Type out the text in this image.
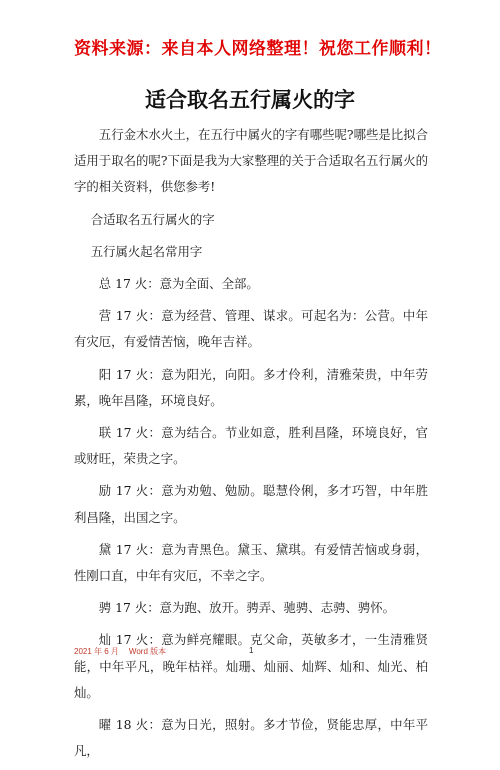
资料来源：来自本人网络整理！祝您工作顺利！
适合取名五行属火的字

五行金木水火土，在五行中属火的字有哪些呢?哪些是比拟合适用于取名的呢?下面是我为大家整理的关于合适取名五行属火的字的相关资料，供您参考!

合适取名五行属火的字

五行属火起名常用字

总 17 火：意为全面、全部。

营 17 火：意为经营、管理、谋求。可起名为：公营。中年有灾厄，有爱情苦恼，晚年吉祥。

阳 17 火：意为阳光，向阳。多才伶利，清雅荣贵，中年劳累，晚年昌隆，环境良好。

联 17 火：意为结合。节业如意，胜利昌隆，环境良好，官或财旺，荣贵之字。

励 17 火：意为劝勉、勉励。聪慧伶俐，多才巧智，中年胜利昌隆，出国之字。

黛 17 火：意为青黑色。黛玉、黛琪。有爱情苦恼或身弱，性刚口直，中年有灾厄，不幸之字。

骋 17 火：意为跑、放开。骋弄、驰骋、志骋、骋怀。

灿 17 火：意为鲜亮耀眼。克父命，英敏多才，一生清雅贤能，中年平凡，晚年枯祥。灿珊、灿丽、灿辉、灿和、灿光、柏灿。

曜 18 火：意为日光，照射。多才节俭，贤能忠厚，中年平凡，

2021 年 6 月 Word 版本	1
